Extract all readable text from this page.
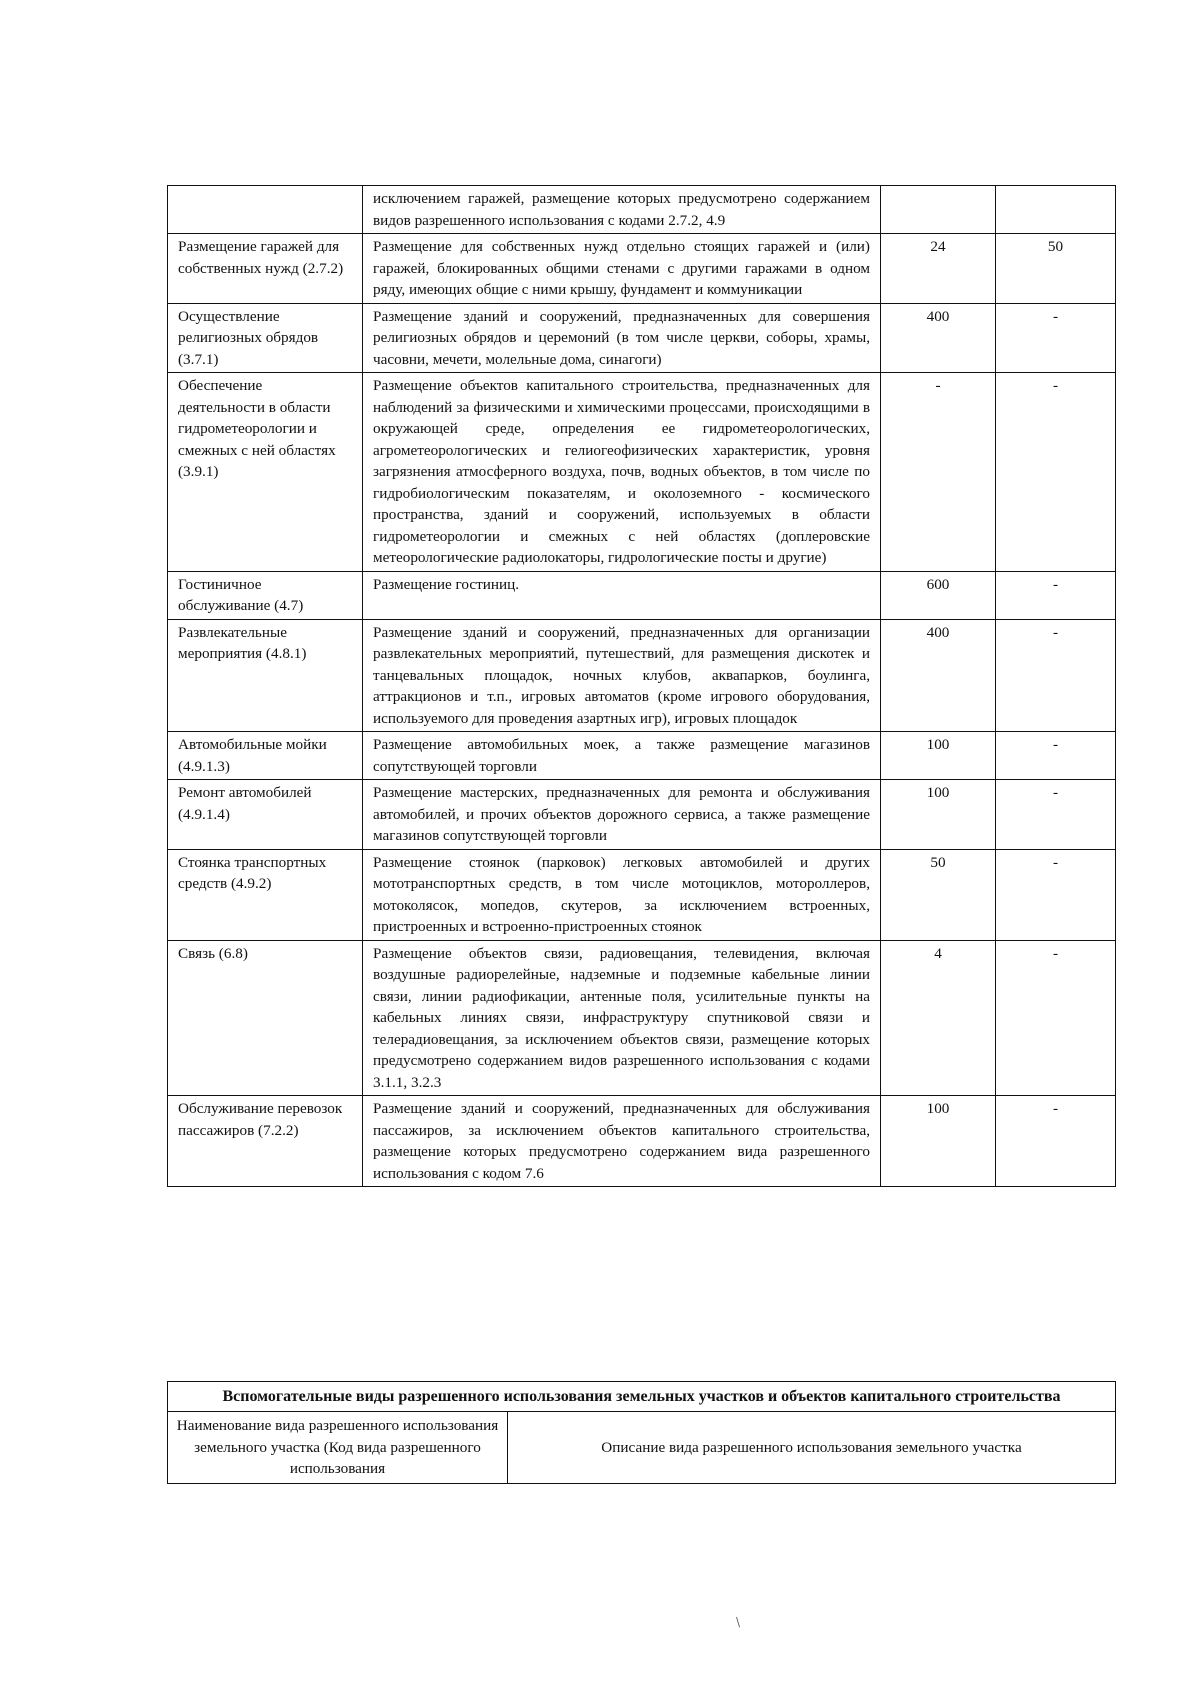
	исключением гаражей, размещение которых предусмотрено содержанием видов разрешенного использования с кодами 2.7.2, 4.9		
Размещение гаражей для собственных нужд (2.7.2)	Размещение для собственных нужд отдельно стоящих гаражей и (или) гаражей, блокированных общими стенами с другими гаражами в одном ряду, имеющих общие с ними крышу, фундамент и коммуникации	24	50
Осуществление религиозных обрядов (3.7.1)	Размещение зданий и сооружений, предназначенных для совершения религиозных обрядов и церемоний (в том числе церкви, соборы, храмы, часовни, мечети, молельные дома, синагоги)	400	-
Обеспечение деятельности в области гидрометеорологии и смежных с ней областях (3.9.1)	Размещение объектов капитального строительства, предназначенных для наблюдений за физическими и химическими процессами, происходящими в окружающей среде, определения ее гидрометеорологических, агрометеорологических и гелиогеофизических характеристик, уровня загрязнения атмосферного воздуха, почв, водных объектов, в том числе по гидробиологическим показателям, и околоземного - космического пространства, зданий и сооружений, используемых в области гидрометеорологии и смежных с ней областях (доплеровские метеорологические радиолокаторы, гидрологические посты и другие)	-	-
Гостиничное обслуживание (4.7)	Размещение гостиниц.	600	-
Развлекательные мероприятия (4.8.1)	Размещение зданий и сооружений, предназначенных для организации развлекательных мероприятий, путешествий, для размещения дискотек и танцевальных площадок, ночных клубов, аквапарков, боулинга, аттракционов и т.п., игровых автоматов (кроме игрового оборудования, используемого для проведения азартных игр), игровых площадок	400	-
Автомобильные мойки (4.9.1.3)	Размещение автомобильных моек, а также размещение магазинов сопутствующей торговли	100	-
Ремонт автомобилей (4.9.1.4)	Размещение мастерских, предназначенных для ремонта и обслуживания автомобилей, и прочих объектов дорожного сервиса, а также размещение магазинов сопутствующей торговли	100	-
Стоянка транспортных средств (4.9.2)	Размещение стоянок (парковок) легковых автомобилей и других мототранспортных средств, в том числе мотоциклов, мотороллеров, мотоколясок, мопедов, скутеров, за исключением встроенных, пристроенных и встроенно-пристроенных стоянок	50	-
Связь (6.8)	Размещение объектов связи, радиовещания, телевидения, включая воздушные радиорелейные, надземные и подземные кабельные линии связи, линии радиофикации, антенные поля, усилительные пункты на кабельных линиях связи, инфраструктуру спутниковой связи и телерадиовещания, за исключением объектов связи, размещение которых предусмотрено содержанием видов разрешенного использования с кодами 3.1.1, 3.2.3	4	-
Обслуживание перевозок пассажиров (7.2.2)	Размещение зданий и сооружений, предназначенных для обслуживания пассажиров, за исключением объектов капитального строительства, размещение которых предусмотрено содержанием вида разрешенного использования с кодом 7.6	100	-
Вспомогательные виды разрешенного использования земельных участков и объектов капитального строительства
Наименование вида разрешенного использования земельного участка (Код вида разрешенного использования	Описание вида разрешенного использования земельного участка
\
